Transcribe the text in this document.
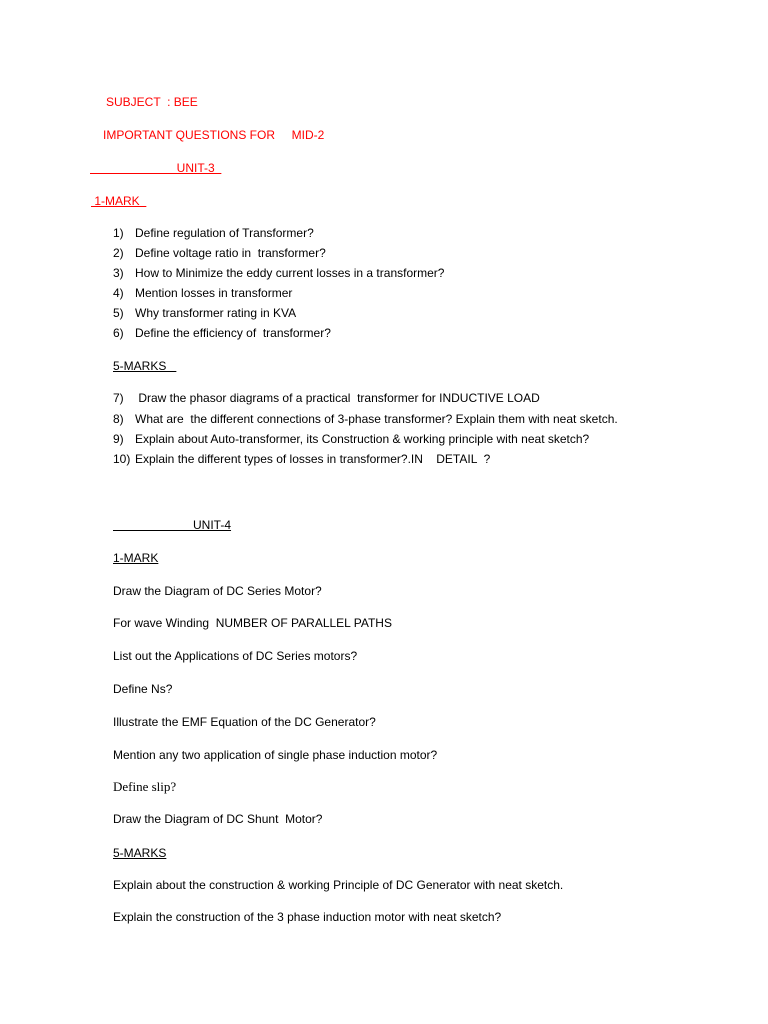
SUBJECT  : BEE
IMPORTANT QUESTIONS FOR     MID-2
UNIT-3
1-MARK
1) Define regulation of Transformer?
2) Define voltage ratio in  transformer?
3) How to Minimize the eddy current losses in a transformer?
4) Mention losses in transformer
5) Why transformer rating in KVA
6) Define the efficiency of  transformer?
5-MARKS
7) Draw the phasor diagrams of a practical  transformer for INDUCTIVE LOAD
8) What are  the different connections of 3-phase transformer? Explain them with neat sketch.
9) Explain about Auto-transformer, its Construction & working principle with neat sketch?
10) Explain the different types of losses in transformer?.IN    DETAIL  ?
UNIT-4
1-MARK
Draw the Diagram of DC Series Motor?
For wave Winding  NUMBER OF PARALLEL PATHS
List out the Applications of DC Series motors?
Define Ns?
Illustrate the EMF Equation of the DC Generator?
Mention any two application of single phase induction motor?
Define slip?
Draw the Diagram of DC Shunt  Motor?
5-MARKS
Explain about the construction & working Principle of DC Generator with neat sketch.
Explain the construction of the 3 phase induction motor with neat sketch?
